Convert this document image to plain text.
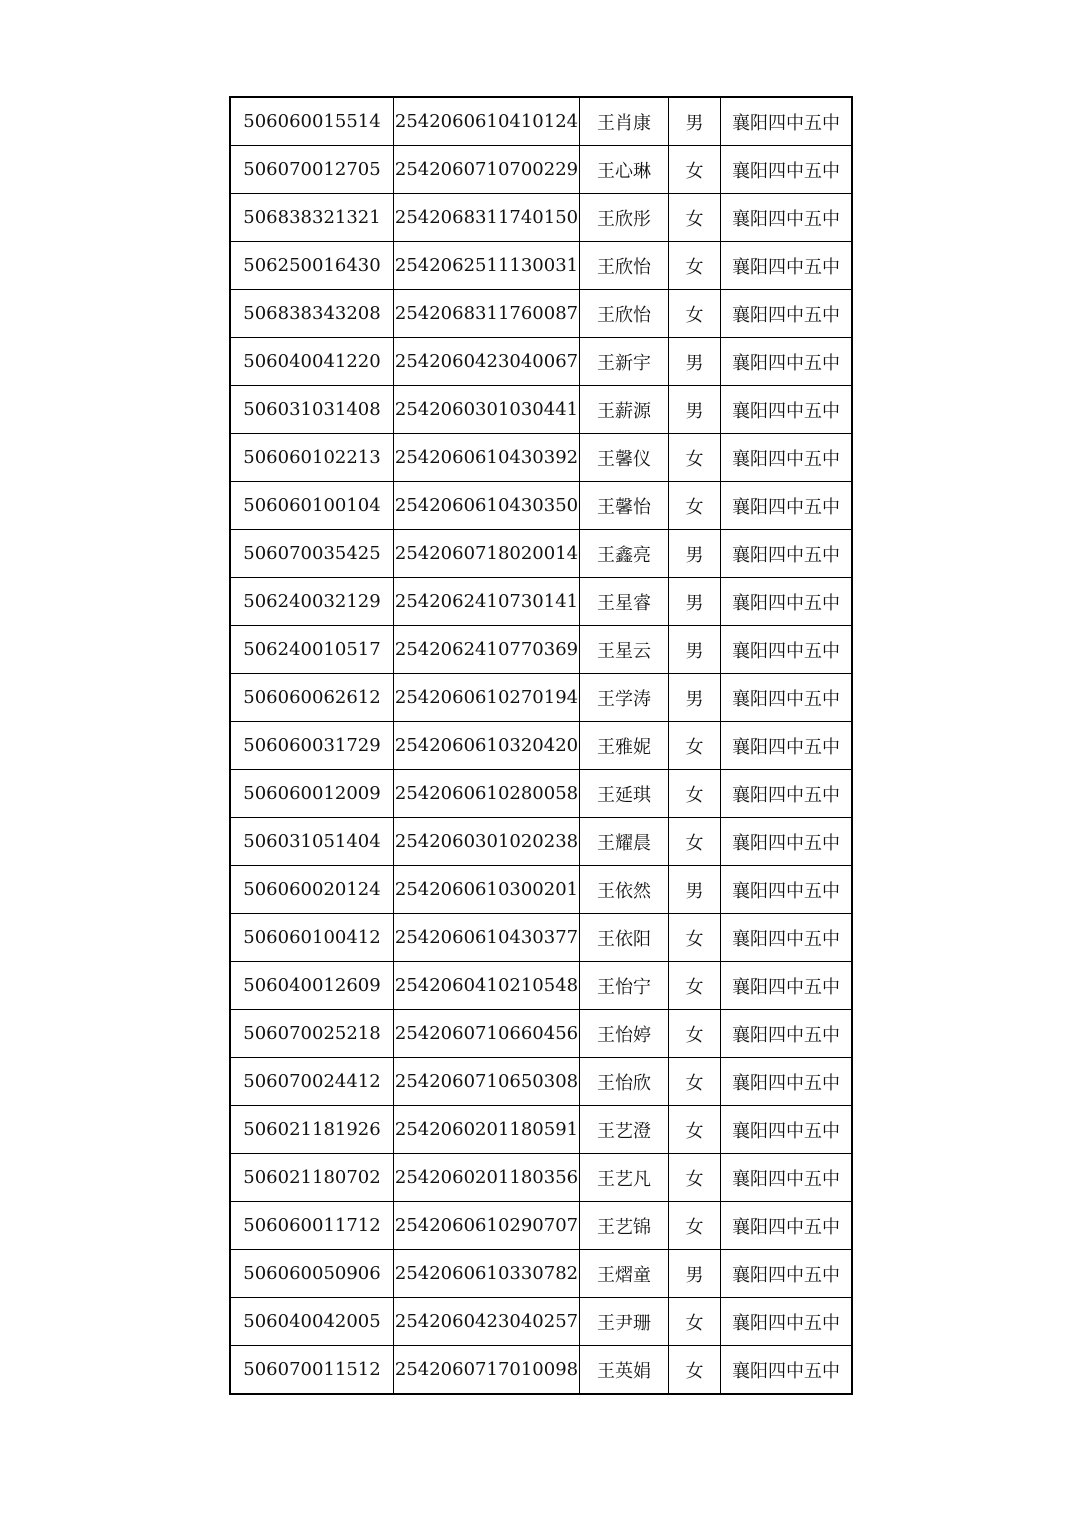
506060015514	2542060610410124	王肖康	男	襄阳四中五中
506070012705	2542060710700229	王心琳	女	襄阳四中五中
506838321321	2542068311740150	王欣彤	女	襄阳四中五中
506250016430	2542062511130031	王欣怡	女	襄阳四中五中
506838343208	2542068311760087	王欣怡	女	襄阳四中五中
506040041220	2542060423040067	王新宇	男	襄阳四中五中
506031031408	2542060301030441	王薪源	男	襄阳四中五中
506060102213	2542060610430392	王馨仪	女	襄阳四中五中
506060100104	2542060610430350	王馨怡	女	襄阳四中五中
506070035425	2542060718020014	王鑫亮	男	襄阳四中五中
506240032129	2542062410730141	王星睿	男	襄阳四中五中
506240010517	2542062410770369	王星云	男	襄阳四中五中
506060062612	2542060610270194	王学涛	男	襄阳四中五中
506060031729	2542060610320420	王雅妮	女	襄阳四中五中
506060012009	2542060610280058	王延琪	女	襄阳四中五中
506031051404	2542060301020238	王耀晨	女	襄阳四中五中
506060020124	2542060610300201	王依然	男	襄阳四中五中
506060100412	2542060610430377	王依阳	女	襄阳四中五中
506040012609	2542060410210548	王怡宁	女	襄阳四中五中
506070025218	2542060710660456	王怡婷	女	襄阳四中五中
506070024412	2542060710650308	王怡欣	女	襄阳四中五中
506021181926	2542060201180591	王艺澄	女	襄阳四中五中
506021180702	2542060201180356	王艺凡	女	襄阳四中五中
506060011712	2542060610290707	王艺锦	女	襄阳四中五中
506060050906	2542060610330782	王熠童	男	襄阳四中五中
506040042005	2542060423040257	王尹珊	女	襄阳四中五中
506070011512	2542060717010098	王英娟	女	襄阳四中五中
